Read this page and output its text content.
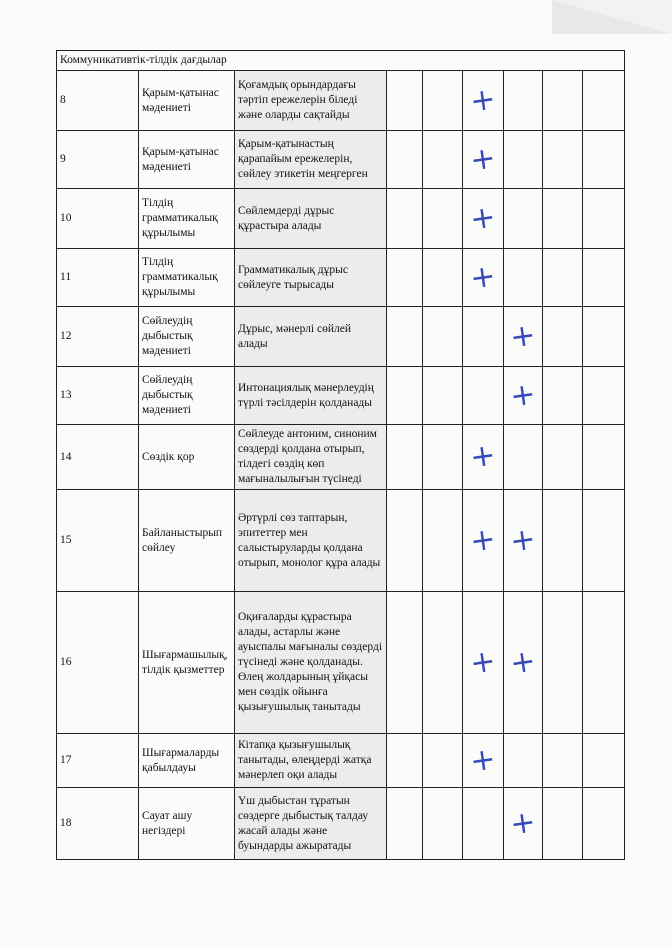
Коммуникативтік-тілдік дағдылар								
8	Қарым-қатынас мәдениеті	Қоғамдық орындардағы тәртіп ережелерін біледі және оларды сақтайды			+			

9	Қарым-қатынас мәдениеті	Қарым-қатынастың қарапайым ережелерін, сөйлеу этикетін меңгерген			+			

10	Тілдің грамматикалық құрылымы	Сөйлемдерді дұрыс құрастыра алады			+			

11	Тілдің грамматикалық құрылымы	Грамматикалық дұрыс сөйлеуге тырысады			+			

12	Сөйлеудің дыбыстық мәдениеті	Дұрыс, мәнерлі сөйлей алады				+		

13	Сөйлеудің дыбыстық мәдениеті	Интонациялық мәнерлеудің түрлі тәсілдерін қолданады				+		

14	Сөздік қор	Сөйлеуде антоним, синоним сөздерді қолдана отырып, тілдегі сөздің көп мағыналылығын түсінеді			+			

15	Байланыстырып сөйлеу	Әртүрлі сөз таптарын, эпитеттер мен салыстыруларды қолдана отырып, монолог құра алады			+	+		

16	Шығармашылық, тілдік қызметтер	Оқиғаларды құрастыра алады, астарлы және ауыспалы мағыналы сөздерді түсінеді және қолданады. Өлең жолдарының ұйқасы мен сөздік ойынға қызығушылық танытады			+	+		

17	Шығармаларды қабылдауы	Кітапқа қызығушылық танытады, өлеңдерді жатқа мәнерлеп оқи алады			+			

18	Сауат ашу негіздері	Үш дыбыстан тұратын сөздерге дыбыстық талдау жасай алады және буындарды ажыратады				+		
